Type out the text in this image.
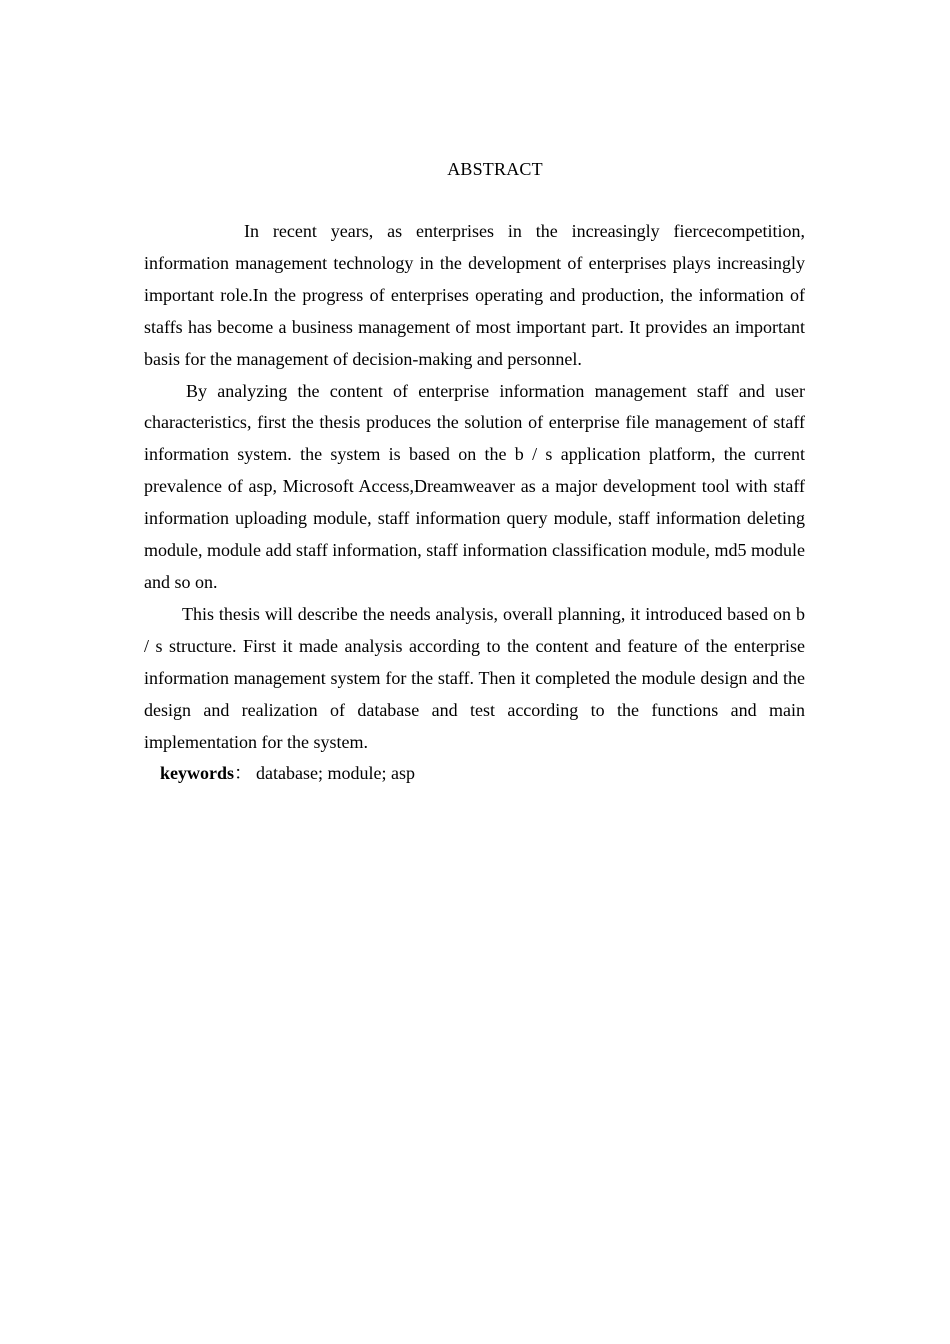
ABSTRACT

In recent years, as enterprises in the increasingly fiercecompetition, information management technology in the development of enterprises plays increasingly important role.In the progress of enterprises operating and production, the information of staffs has become a business management of most important part. It provides an important basis for the management of decision-making and personnel.

By analyzing the content of enterprise information management staff and user characteristics, first the thesis produces the solution of enterprise file management of staff information system. the system is based on the b / s application platform, the current prevalence of asp, Microsoft Access,Dreamweaver as a major development tool with staff information uploading module, staff information query module, staff information deleting module, module add staff information, staff information classification module, md5 module and so on.

This thesis will describe the needs analysis, overall planning, it introduced based on b / s structure. First it made analysis according to the content and feature of the enterprise information management system for the staff. Then it completed the module design and the design and realization of database and test according to the functions and main implementation for the system.

keywords： database; module; asp
